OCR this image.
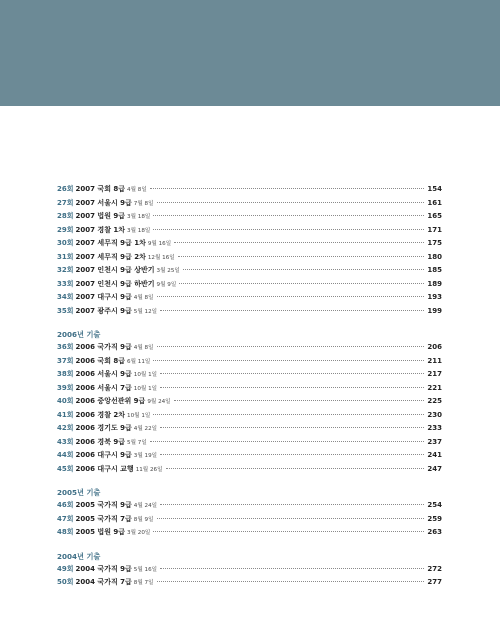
26회 2007 국회 8급 4월 8일	154
27회 2007 서울시 9급 7월 8일	161
28회 2007 법원 9급 3월 18일	165
29회 2007 경찰 1차 3월 18일	171
30회 2007 세무직 9급 1차 9월 16일	175
31회 2007 세무직 9급 2차 12월 16일	180
32회 2007 인천시 9급 상반기 3월 25일	185
33회 2007 인천시 9급 하반기 9월 9일	189
34회 2007 대구시 9급 4월 8일	193
35회 2007 광주시 9급 5월 12일	199
2006년 기출
36회 2006 국가직 9급 4월 8일	206
37회 2006 국회 8급 6월 11일	211
38회 2006 서울시 9급 10월 1일	217
39회 2006 서울시 7급 10월 1일	221
40회 2006 중앙선관위 9급 9월 24일	225
41회 2006 경찰 2차 10월 1일	230
42회 2006 경기도 9급 4월 22일	233
43회 2006 경북 9급 5월 7일	237
44회 2006 대구시 9급 3월 19일	241
45회 2006 대구시 교행 11월 26일	247
2005년 기출
46회 2005 국가직 9급 4월 24일	254
47회 2005 국가직 7급 8월 9일	259
48회 2005 법원 9급 3월 20일	263
2004년 기출
49회 2004 국가직 9급 5월 16일	272
50회 2004 국가직 7급 8월 7일	277
